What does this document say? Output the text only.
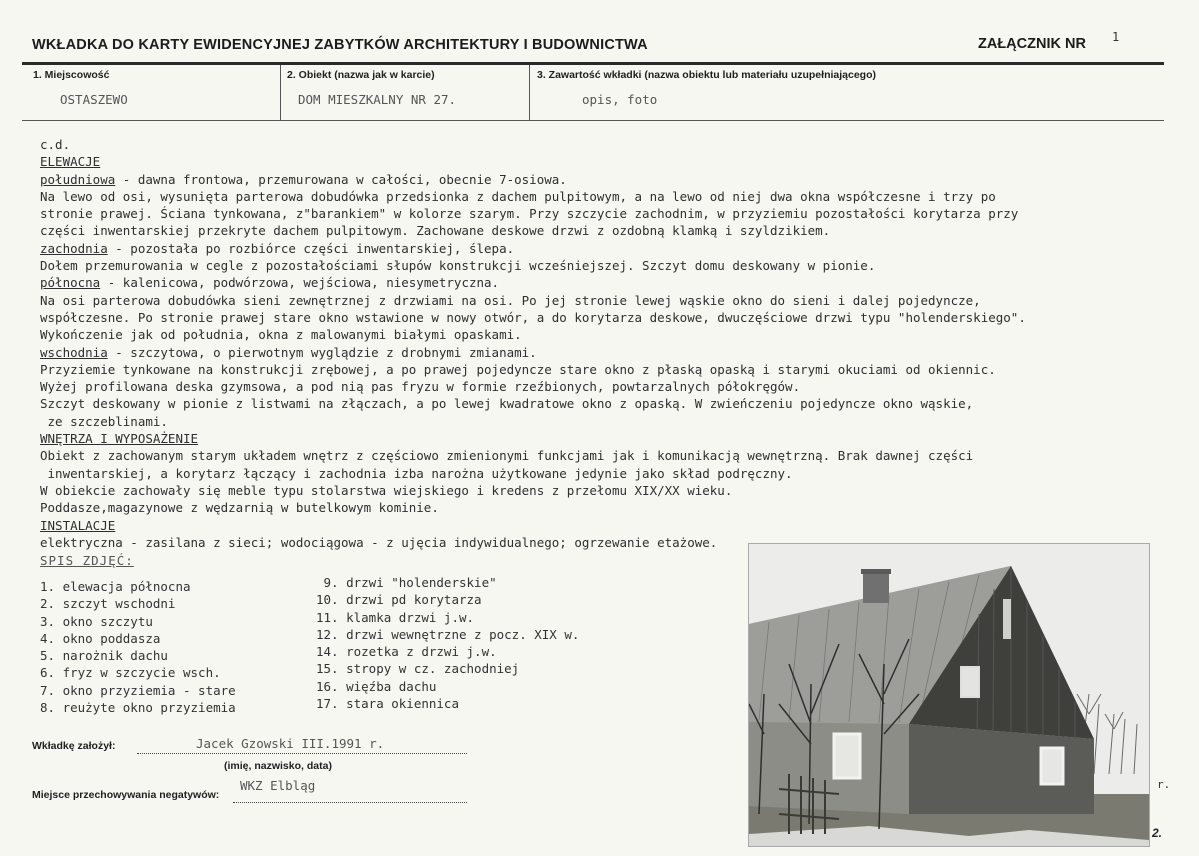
WKŁADKA DO KARTY EWIDENCYJNEJ ZABYTKÓW ARCHITEKTURY I BUDOWNICTWA	ZAŁĄCZNIK NR 1
1. Miejscowość
OSTASZEWO
2. Obiekt (nazwa jak w karcie)
DOM MIESZKALNY NR 27.
3. Zawartość wkładki (nazwa obiektu lub materiału uzupełniającego)
opis, foto
c.d.
ELEWACJE
południowa - dawna frontowa, przemurowana w całości, obecnie 7-osiowa.
Na lewo od osi, wysunięta parterowa dobudówka przedsionka z dachem pulpitowym, a na lewo od niej dwa okna współczesne i trzy po
stronie prawej. Ściana tynkowana, z"barankiem" w kolorze szarym. Przy szczycie zachodnim, w przyziemiu pozostałości korytarza przy
części inwentarskiej przekryte dachem pulpitowym. Zachowane deskowe drzwi z ozdobną klamką i szyldzikiem.
zachodnia - pozostała po rozbiórce części inwentarskiej, ślepa.
Dołem przemurowania w cegle z pozostałościami słupów konstrukcji wcześniejszej. Szczyt domu deskowany w pionie.
północna - kalenicowa, podwórzowa, wejściowa, niesymetryczna.
Na osi parterowa dobudówka sieni zewnętrznej z drzwiami na osi. Po jej stronie lewej wąskie okno do sieni i dalej pojedyncze,
współczesne. Po stronie prawej stare okno wstawione w nowy otwór, a do korytarza deskowe, dwuczęściowe drzwi typu "holenderskiego".
Wykończenie jak od południa, okna z malowanymi białymi opaskami.
wschodnia - szczytowa, o pierwotnym wyglądzie z drobnymi zmianami.
Przyziemie tynkowane na konstrukcji zrębowej, a po prawej pojedyncze stare okno z płaską opaską i starymi okuciami od okiennic.
Wyżej profilowana deska gzymsowa, a pod nią pas fryzu w formie rzeźbionych, powtarzalnych półokręgów.
Szczyt deskowany w pionie z listwami na złączach, a po lewej kwadratowe okno z opaską. W zwieńczeniu pojedyncze okno wąskie,
ze szczeblinami.
WNĘTRZA I WYPOSAŻENIE
Obiekt z zachowanym starym układem wnętrz z częściowo zmienionymi funkcjami jak i komunikacją wewnętrzną. Brak dawnej części
inwentarskiej, a korytarz łączący i zachodnia izba narożna użytkowane jedynie jako skład podręczny.
W obiekcie zachowały się meble typu stolarstwa wiejskiego i kredens z przełomu XIX/XX wieku.
Poddasze,magazynowe z wędzarnią w butelkowym kominie.
INSTALACJE
elektryczna - zasilana z sieci; wodociągowa - z ujęcia indywidualnego; ogrzewanie etażowe.
SPIS ZDJĘĆ:
1. elewacja północna
2. szczyt wschodni
3. okno szczytu
4. okno poddasza
5. narożnik dachu
6. fryz w szczycie wsch.
7. okno przyziemia - stare
8. reużyte okno przyziemia
9. drzwi "holenderskie"
10. drzwi pd korytarza
11. klamka drzwi j.w.
12. drzwi wewnętrzne z pocz. XIX w.
14. rozetka z drzwi j.w.
15. stropy w cz. zachodniej
16. więźba dachu
17. stara okiennica
Wkładkę założył:	Jacek Gzowski III.1991 r.
(imię, nazwisko, data)
Miejsce przechowywania negatywów:
WKZ Elbląg	r.
2.
